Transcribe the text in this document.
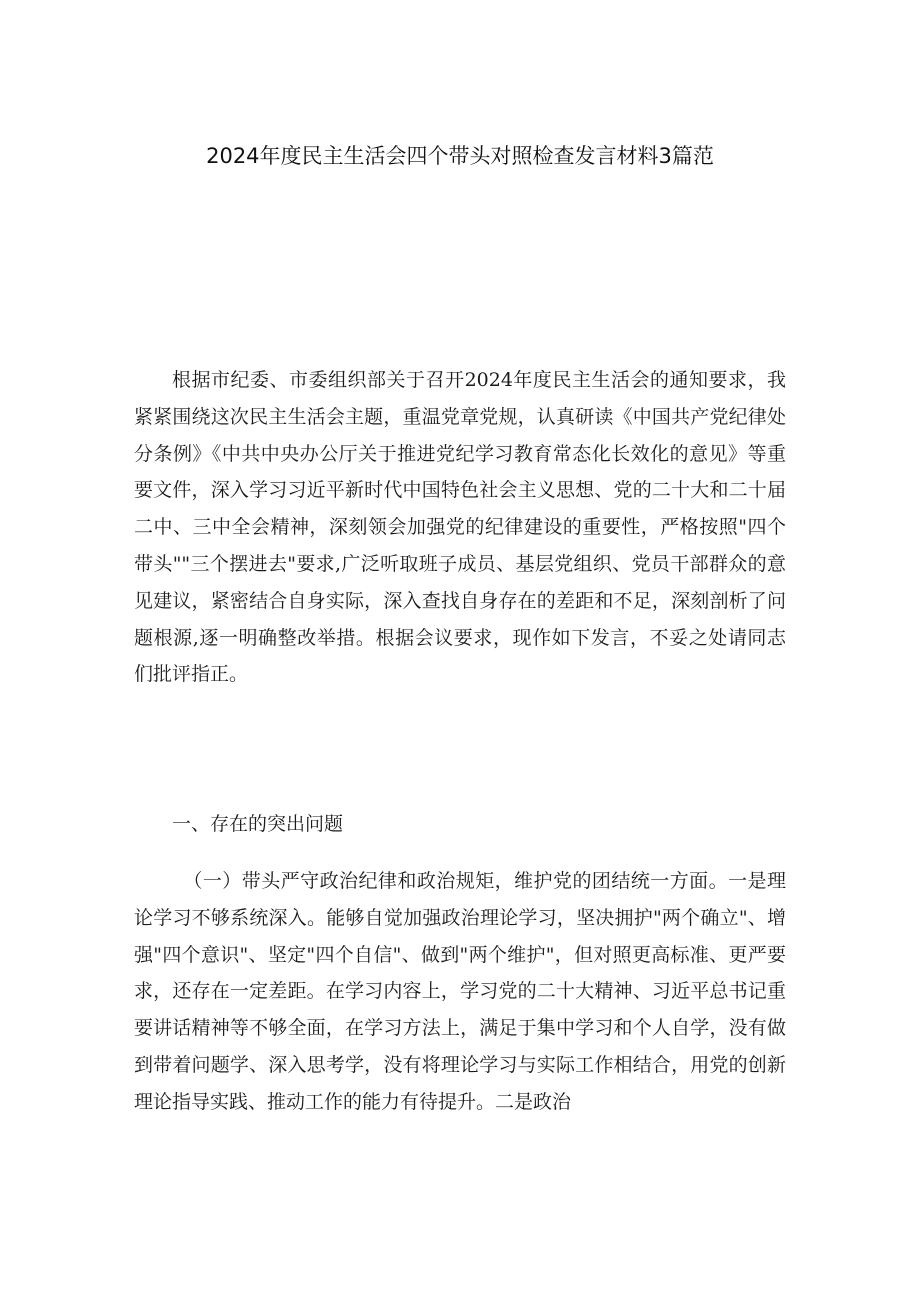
2024年度民主生活会四个带头对照检查发言材料3篇范

根据市纪委、市委组织部关于召开2024年度民主生活会的通知要求，我紧紧围绕这次民主生活会主题，重温党章党规，认真研读《中国共产党纪律处分条例》《中共中央办公厅关于推进党纪学习教育常态化长效化的意见》等重要文件，深入学习习近平新时代中国特色社会主义思想、党的二十大和二十届二中、三中全会精神，深刻领会加强党的纪律建设的重要性，严格按照"四个带头""三个摆进去"要求,广泛听取班子成员、基层党组织、党员干部群众的意见建议，紧密结合自身实际，深入查找自身存在的差距和不足，深刻剖析了问题根源,逐一明确整改举措。根据会议要求，现作如下发言，不妥之处请同志们批评指正。

一、存在的突出问题

（一）带头严守政治纪律和政治规矩，维护党的团结统一方面。一是理论学习不够系统深入。能够自觉加强政治理论学习，坚决拥护"两个确立"、增强"四个意识"、坚定"四个自信"、做到"两个维护"，但对照更高标准、更严要求，还存在一定差距。在学习内容上，学习党的二十大精神、习近平总书记重要讲话精神等不够全面，在学习方法上，满足于集中学习和个人自学，没有做到带着问题学、深入思考学，没有将理论学习与实际工作相结合，用党的创新理论指导实践、推动工作的能力有待提升。二是政治
